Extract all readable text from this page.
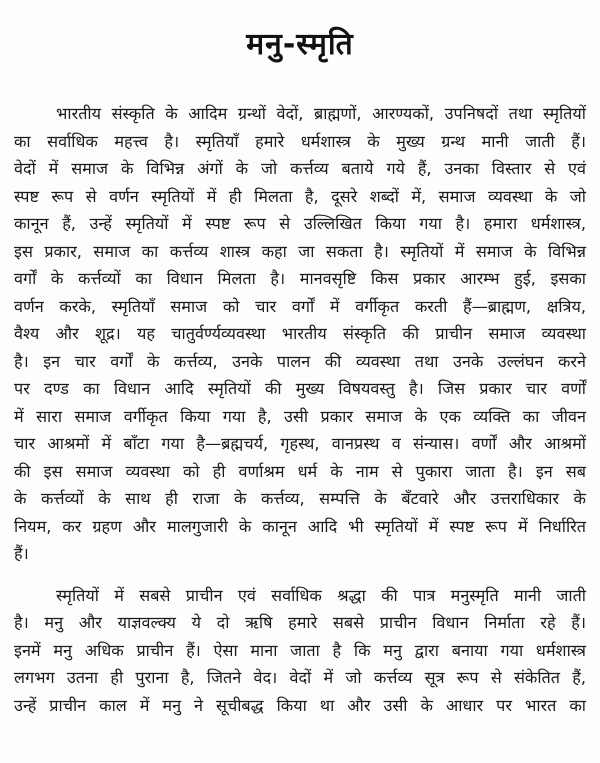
मनु-स्मृति

भारतीय संस्कृति के आदिम ग्रन्थों वेदों, ब्राह्मणों, आरण्यकों, उपनिषदों तथा स्मृतियों
का सर्वाधिक महत्त्व है। स्मृतियाँ हमारे धर्मशास्त्र के मुख्य ग्रन्थ मानी जाती हैं।
वेदों में समाज के विभिन्न अंगों के जो कर्त्तव्य बताये गये हैं, उनका विस्तार से एवं
स्पष्ट रूप से वर्णन स्मृतियों में ही मिलता है, दूसरे शब्दों में, समाज व्यवस्था के जो
कानून हैं, उन्हें स्मृतियों में स्पष्ट रूप से उल्लिखित किया गया है। हमारा धर्मशास्त्र,
इस प्रकार, समाज का कर्त्तव्य शास्त्र कहा जा सकता है। स्मृतियों में समाज के विभिन्न
वर्गों के कर्त्तव्यों का विधान मिलता है। मानवसृष्टि किस प्रकार आरम्भ हुई, इसका
वर्णन करके, स्मृतियाँ समाज को चार वर्गों में वर्गीकृत करती हैं—ब्राह्मण, क्षत्रिय,
वैश्य और शूद्र। यह चातुर्वर्ण्यव्यवस्था भारतीय संस्कृति की प्राचीन समाज व्यवस्था
है। इन चार वर्गों के कर्त्तव्य, उनके पालन की व्यवस्था तथा उनके उल्लंघन करने
पर दण्ड का विधान आदि स्मृतियों की मुख्य विषयवस्तु है। जिस प्रकार चार वर्णों
में सारा समाज वर्गीकृत किया गया है, उसी प्रकार समाज के एक व्यक्ति का जीवन
चार आश्रमों में बाँटा गया है—ब्रह्मचर्य, गृहस्थ, वानप्रस्थ व संन्यास। वर्णों और आश्रमों
की इस समाज व्यवस्था को ही वर्णाश्रम धर्म के नाम से पुकारा जाता है। इन सब
के कर्त्तव्यों के साथ ही राजा के कर्त्तव्य, सम्पत्ति के बँटवारे और उत्तराधिकार के
नियम, कर ग्रहण और मालगुजारी के कानून आदि भी स्मृतियों में स्पष्ट रूप में निर्धारित
हैं।

स्मृतियों में सबसे प्राचीन एवं सर्वाधिक श्रद्धा की पात्र मनुस्मृति मानी जाती
है। मनु और याज्ञवल्क्य ये दो ऋषि हमारे सबसे प्राचीन विधान निर्माता रहे हैं।
इनमें मनु अधिक प्राचीन हैं। ऐसा माना जाता है कि मनु द्वारा बनाया गया धर्मशास्त्र
लगभग उतना ही पुराना है, जितने वेद। वेदों में जो कर्त्तव्य सूत्र रूप से संकेतित हैं,
उन्हें प्राचीन काल में मनु ने सूचीबद्ध किया था और उसी के आधार पर भारत का
